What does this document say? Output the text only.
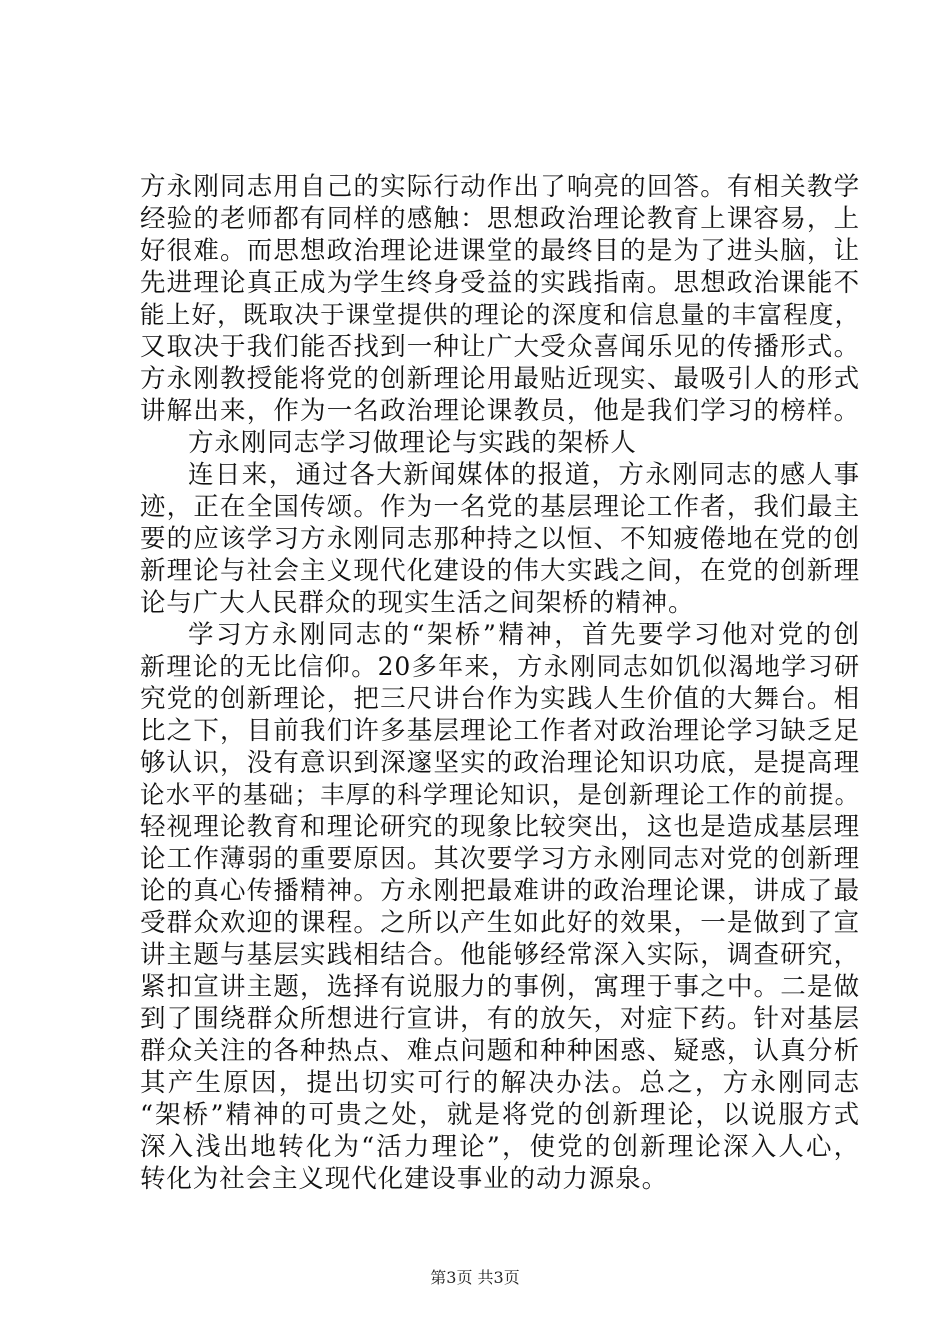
方永刚同志用自己的实际行动作出了响亮的回答。有相关教学
经验的老师都有同样的感触：思想政治理论教育上课容易，上
好很难。而思想政治理论进课堂的最终目的是为了进头脑，让
先进理论真正成为学生终身受益的实践指南。思想政治课能不
能上好，既取决于课堂提供的理论的深度和信息量的丰富程度，
又取决于我们能否找到一种让广大受众喜闻乐见的传播形式。
方永刚教授能将党的创新理论用最贴近现实、最吸引人的形式
讲解出来，作为一名政治理论课教员，他是我们学习的榜样。
方永刚同志学习做理论与实践的架桥人
连日来，通过各大新闻媒体的报道，方永刚同志的感人事
迹，正在全国传颂。作为一名党的基层理论工作者，我们最主
要的应该学习方永刚同志那种持之以恒、不知疲倦地在党的创
新理论与社会主义现代化建设的伟大实践之间，在党的创新理
论与广大人民群众的现实生活之间架桥的精神。
学习方永刚同志的“架桥”精神，首先要学习他对党的创
新理论的无比信仰。20多年来，方永刚同志如饥似渴地学习研
究党的创新理论，把三尺讲台作为实践人生价值的大舞台。相
比之下，目前我们许多基层理论工作者对政治理论学习缺乏足
够认识，没有意识到深邃坚实的政治理论知识功底，是提高理
论水平的基础；丰厚的科学理论知识，是创新理论工作的前提。
轻视理论教育和理论研究的现象比较突出，这也是造成基层理
论工作薄弱的重要原因。其次要学习方永刚同志对党的创新理
论的真心传播精神。方永刚把最难讲的政治理论课，讲成了最
受群众欢迎的课程。之所以产生如此好的效果，一是做到了宣
讲主题与基层实践相结合。他能够经常深入实际，调查研究，
紧扣宣讲主题，选择有说服力的事例，寓理于事之中。二是做
到了围绕群众所想进行宣讲，有的放矢，对症下药。针对基层
群众关注的各种热点、难点问题和种种困惑、疑惑，认真分析
其产生原因，提出切实可行的解决办法。总之，方永刚同志
“架桥”精神的可贵之处，就是将党的创新理论，以说服方式
深入浅出地转化为“活力理论”，使党的创新理论深入人心，
转化为社会主义现代化建设事业的动力源泉。
第3页 共3页
